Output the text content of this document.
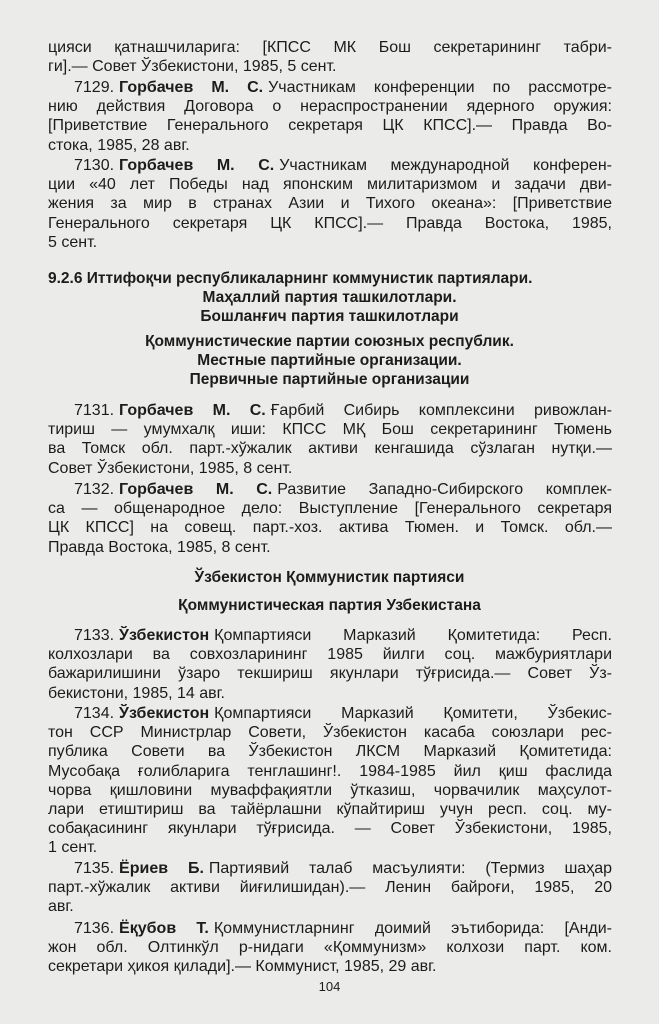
цияси қатнашчиларига: [КПСС МК Бош секретарининг табри-
ги].— Совет Ўзбекистони, 1985, 5 сент.
7129. Горбачев М. С. Участникам конференции по рассмотре-
нию действия Договора о нераспространении ядерного оружия:
[Приветствие Генерального секретаря ЦК КПСС].— Правда Во-
стока, 1985, 28 авг.
7130. Горбачев М. С. Участникам международной конферен-
ции «40 лет Победы над японским милитаризмом и задачи дви-
жения за мир в странах Азии и Тихого океана»: [Приветствие
Генерального секретаря ЦК КПСС].— Правда Востока, 1985,
5 сент.
9.2.6 Иттифоқчи республикаларнинг коммунистик партиялари.
Маҳаллий партия ташкилотлари.
Бошланғич партия ташкилотлари
Қоммунистические партии союзных республик.
Местные партийные организации.
Первичные партийные организации
7131. Горбачев М. С. Ғарбий Сибирь комплексини ривожлан-
тириш — умумхалқ иши: КПСС МҚ Бош секретарининг Тюмень
ва Томск обл. парт.-хўжалик активи кенгашида сўзлаган нутқи.—
Совет Ўзбекистони, 1985, 8 сент.
7132. Горбачев М. С. Развитие Западно-Сибирского комплек-
са — общенародное дело: Выступление [Генерального секретаря
ЦК КПСС] на совещ. парт.-хоз. актива Тюмен. и Томск. обл.—
Правда Востока, 1985, 8 сент.
Ўзбекистон Қоммунистик партияси
Қоммунистическая партия Узбекистана
7133. Ўзбекистон Қомпартияси Марказий Қомитетида: Респ.
колхозлари ва совхозларининг 1985 йилги соц. мажбуриятлари
бажарилишини ўзаро текшириш якунлари тўғрисида.— Совет Ўз-
бекистони, 1985, 14 авг.
7134. Ўзбекистон Қомпартияси Марказий Қомитети, Ўзбекис-
тон ССР Министрлар Совети, Ўзбекистон касаба союзлари рес-
публика Совети ва Ўзбекистон ЛКСМ Марказий Қомитетида:
Мусобақа ғолибларига тенглашинг!. 1984-1985 йил қиш фаслида
чорва қишловини муваффақиятли ўтказиш, чорвачилик маҳсулот-
лари етиштириш ва тайёрлашни кўпайтириш учун респ. соц. му-
собақасининг якунлари тўғрисида. — Совет Ўзбекистони, 1985,
1 сент.
7135. Ёриев Б. Партиявий талаб масъулияти: (Термиз шаҳар
парт.-хўжалик активи йиғилишидан).— Ленин байроғи, 1985, 20
авг.
7136. Ёқубов Т. Қоммунистларнинг доимий эътиборида: [Анди-
жон обл. Олтинкўл р-нидаги «Қоммунизм» колхози парт. ком.
секретари ҳикоя қилади].— Коммунист, 1985, 29 авг.
104
